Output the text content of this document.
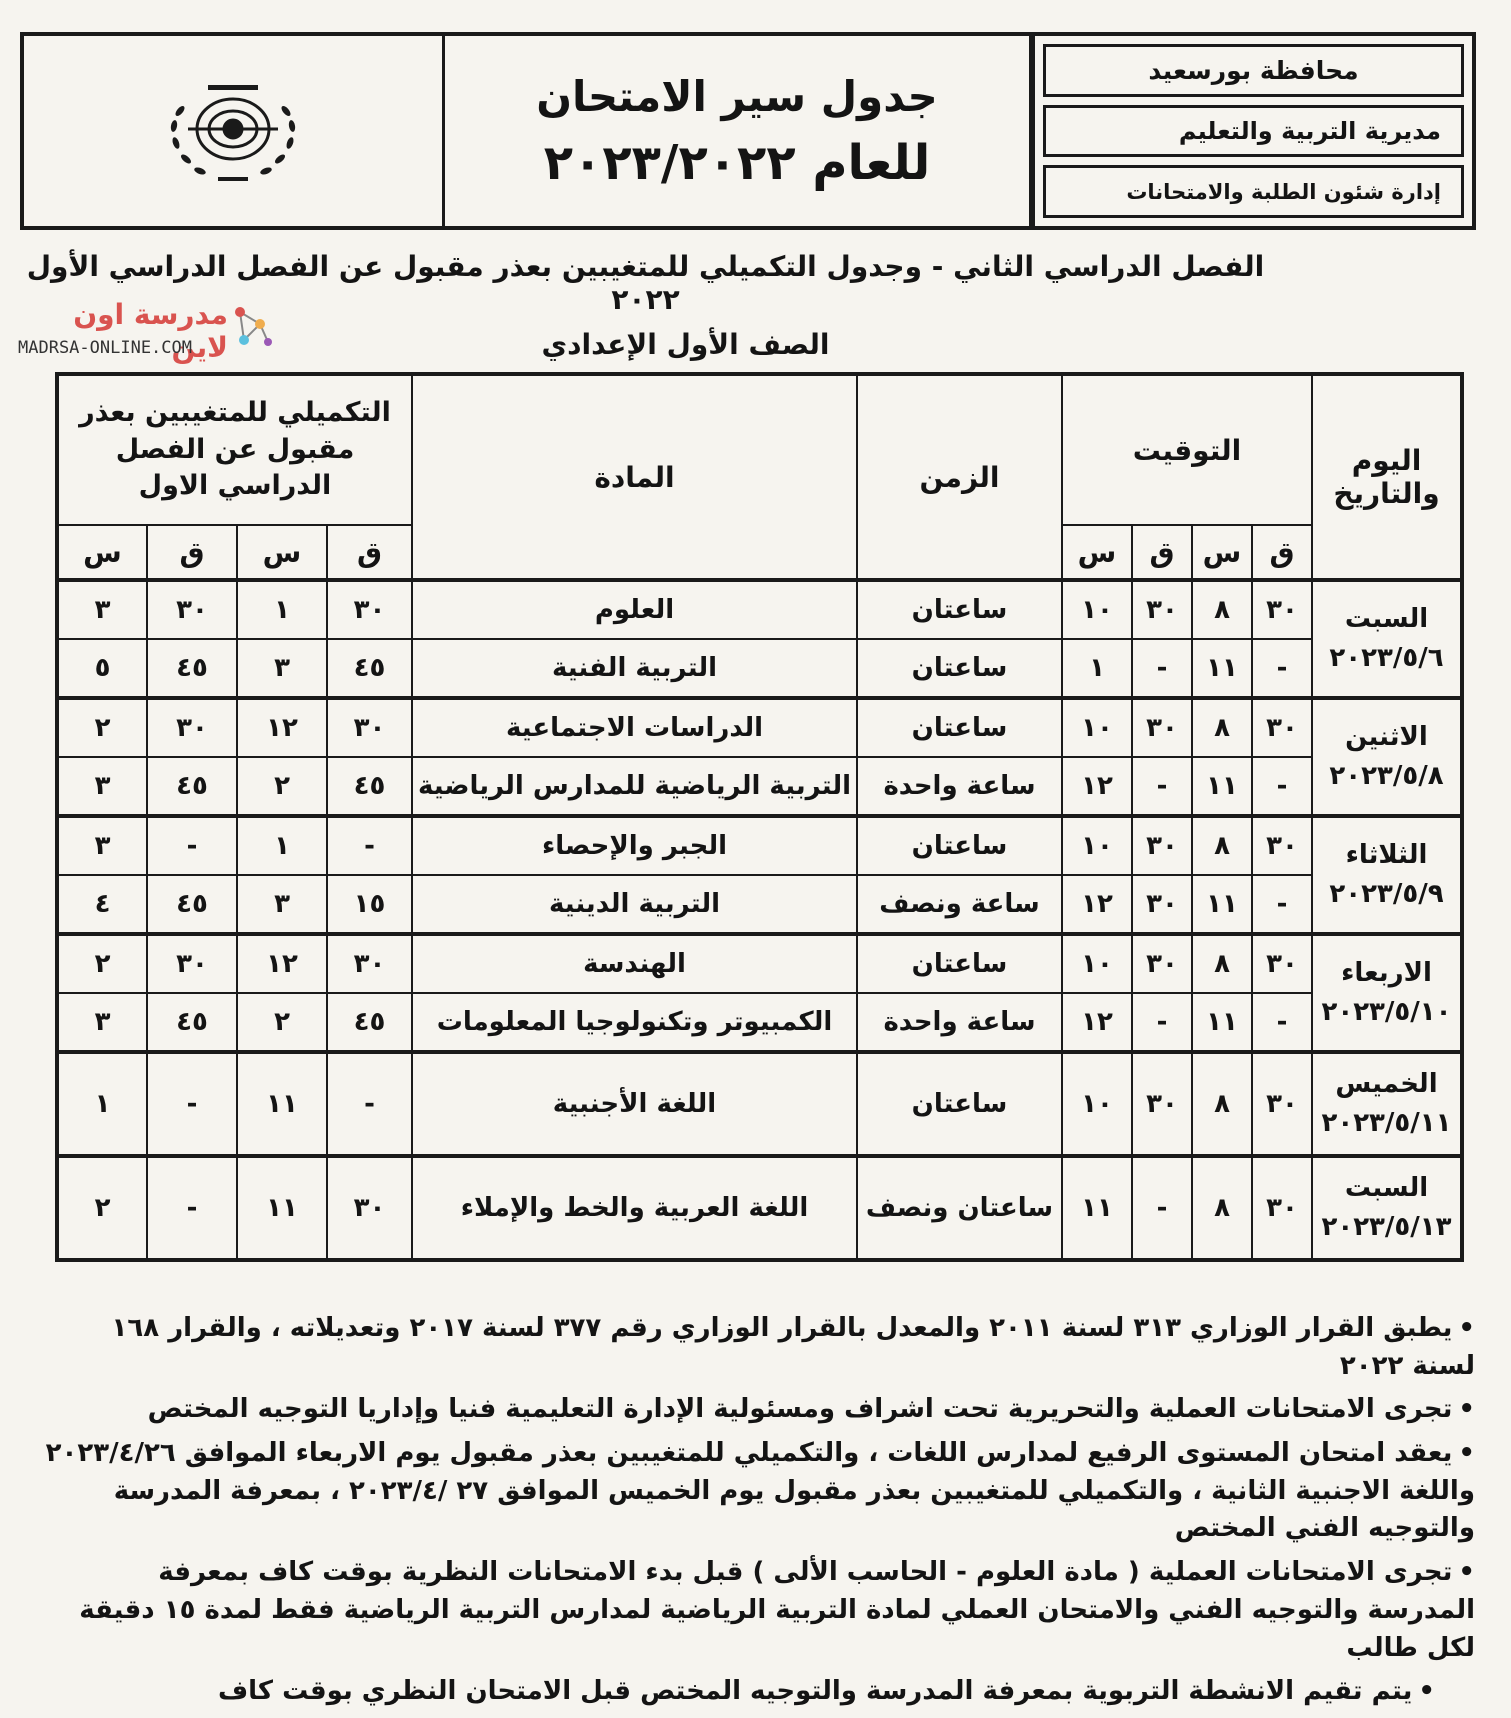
محافظة بورسعيد
مديرية التربية والتعليم
إدارة شئون الطلبة والامتحانات
جدول سير الامتحان
للعام ٢٠٢٣/٢٠٢٢
الفصل الدراسي الثاني - وجدول التكميلي للمتغيبين بعذر مقبول عن الفصل الدراسي الأول ٢٠٢٢
الصف الأول الإعدادي
مدرسة اون لاين
MADRSA-ONLINE.COM
اليوم والتاريخ	التوقيت				الزمن	المادة	التكميلي للمتغيبين بعذر مقبول عن الفصل الدراسي الاول			
	ق	س	ق	س			ق	س	ق	س

السبت
٢٠٢٣/٥/٦	٣٠	٨	٣٠	١٠	ساعتان	العلوم	٣٠	١	٣٠	٣
	-	١١	-	١	ساعتان	التربية الفنية	٤٥	٣	٤٥	٥

الاثنين
٢٠٢٣/٥/٨	٣٠	٨	٣٠	١٠	ساعتان	الدراسات الاجتماعية	٣٠	١٢	٣٠	٢
	-	١١	-	١٢	ساعة واحدة	التربية الرياضية للمدارس الرياضية	٤٥	٢	٤٥	٣

الثلاثاء
٢٠٢٣/٥/٩	٣٠	٨	٣٠	١٠	ساعتان	الجبر والإحصاء	-	١	-	٣
	-	١١	٣٠	١٢	ساعة ونصف	التربية الدينية	١٥	٣	٤٥	٤

الاربعاء
٢٠٢٣/٥/١٠	٣٠	٨	٣٠	١٠	ساعتان	الهندسة	٣٠	١٢	٣٠	٢
	-	١١	-	١٢	ساعة واحدة	الكمبيوتر وتكنولوجيا المعلومات	٤٥	٢	٤٥	٣

الخميس
٢٠٢٣/٥/١١	٣٠	٨	٣٠	١٠	ساعتان	اللغة الأجنبية	-	١١	-	١

السبت
٢٠٢٣/٥/١٣	٣٠	٨	-	١١	ساعتان ونصف	اللغة العربية والخط والإملاء	٣٠	١١	-	٢

•يطبق القرار الوزاري ٣١٣ لسنة ٢٠١١ والمعدل بالقرار الوزاري رقم ٣٧٧ لسنة ٢٠١٧ وتعديلاته ، والقرار ١٦٨ لسنة ٢٠٢٢

•تجرى الامتحانات العملية والتحريرية تحت اشراف ومسئولية الإدارة التعليمية فنيا وإداريا التوجيه المختص

•يعقد امتحان المستوى الرفيع لمدارس اللغات ، والتكميلي للمتغيبين بعذر مقبول يوم الاربعاء الموافق ٢٠٢٣/٤/٢٦ واللغة الاجنبية الثانية ، والتكميلي للمتغيبين بعذر مقبول يوم الخميس الموافق ٢٧ /٢٠٢٣/٤ ، بمعرفة المدرسة والتوجيه الفني المختص

•تجرى الامتحانات العملية ( مادة العلوم - الحاسب الألى ) قبل بدء الامتحانات النظرية بوقت كاف بمعرفة المدرسة والتوجيه الفني والامتحان العملي لمادة التربية الرياضية لمدارس التربية الرياضية فقط لمدة ١٥ دقيقة لكل طالب

•يتم تقيم الانشطة التربوية بمعرفة المدرسة والتوجيه المختص قبل الامتحان النظري بوقت كاف
